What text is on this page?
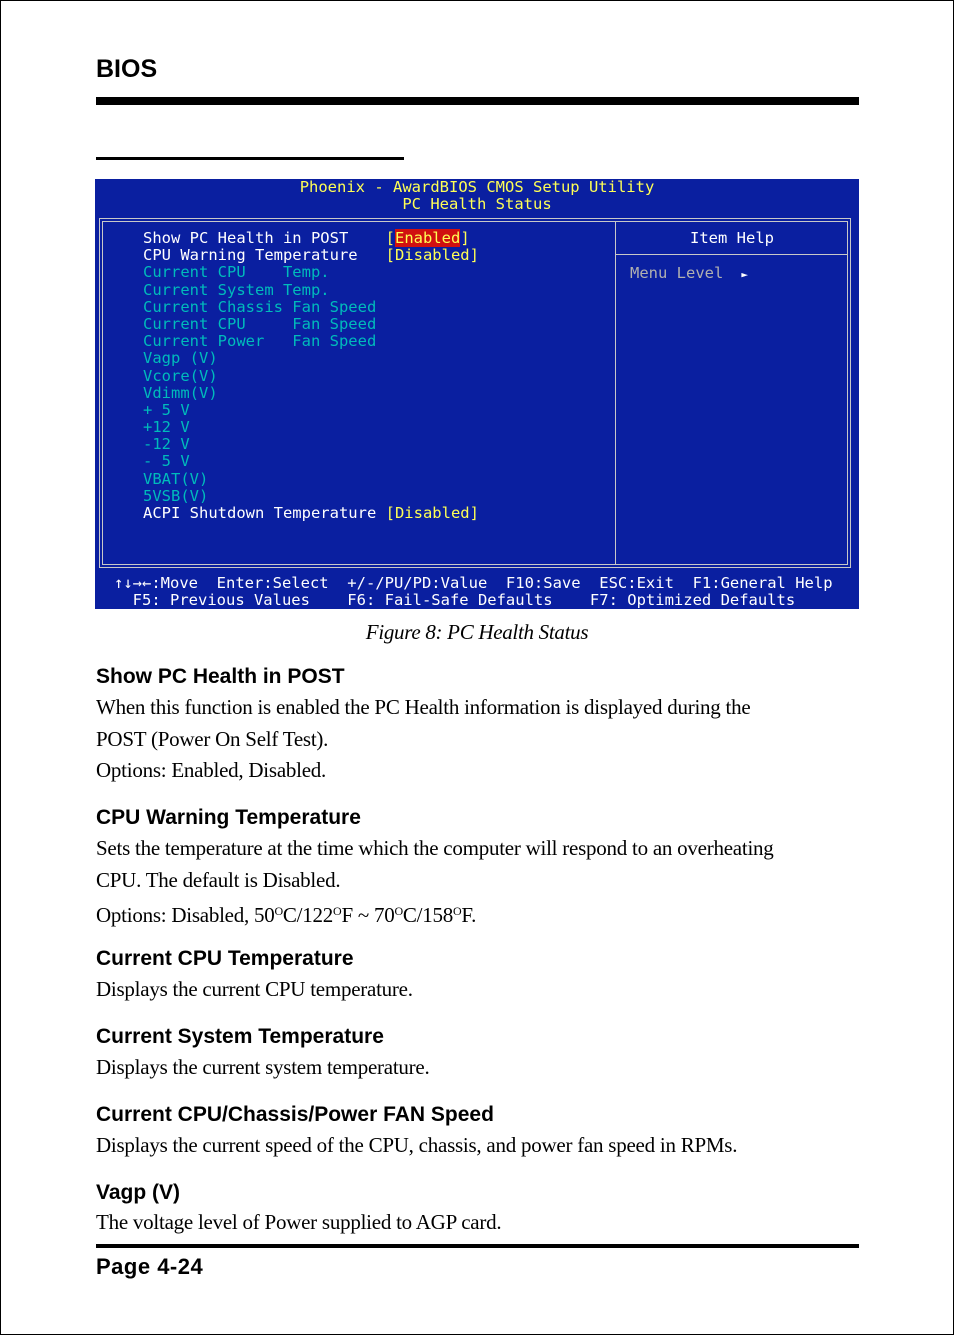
BIOS
Phoenix - AwardBIOS CMOS Setup Utility
PC Health Status
Show PC Health in POST    [Enabled]
CPU Warning Temperature   [Disabled]
Current CPU    Temp.
Current System Temp.
Current Chassis Fan Speed
Current CPU     Fan Speed
Current Power   Fan Speed
Vagp (V)
Vcore(V)
Vdimm(V)
+ 5 V
+12 V
-12 V
- 5 V
VBAT(V)
5VSB(V)
ACPI Shutdown Temperature [Disabled]
Item Help
Menu Level ►
↑↓→←:Move  Enter:Select  +/-/PU/PD:Value  F10:Save  ESC:Exit  F1:General Help
F5: Previous Values    F6: Fail-Safe Defaults    F7: Optimized Defaults
Figure 8: PC Health Status
Show PC Health in POST
When this function is enabled the PC Health information is displayed during the
POST (Power On Self Test).
Options: Enabled, Disabled.
CPU Warning Temperature
Sets the temperature at the time which the computer will respond to an overheating
CPU. The default is Disabled.
Options: Disabled, $50^OC/122^OF$ ~ $70^OC/158^OF$.
Current CPU Temperature
Displays the current CPU temperature.
Current System Temperature
Displays the current system temperature.
Current CPU/Chassis/Power FAN Speed
Displays the current speed of the CPU, chassis, and power fan speed in RPMs.
Vagp (V)
The voltage level of Power supplied to AGP card.
Page 4-24
